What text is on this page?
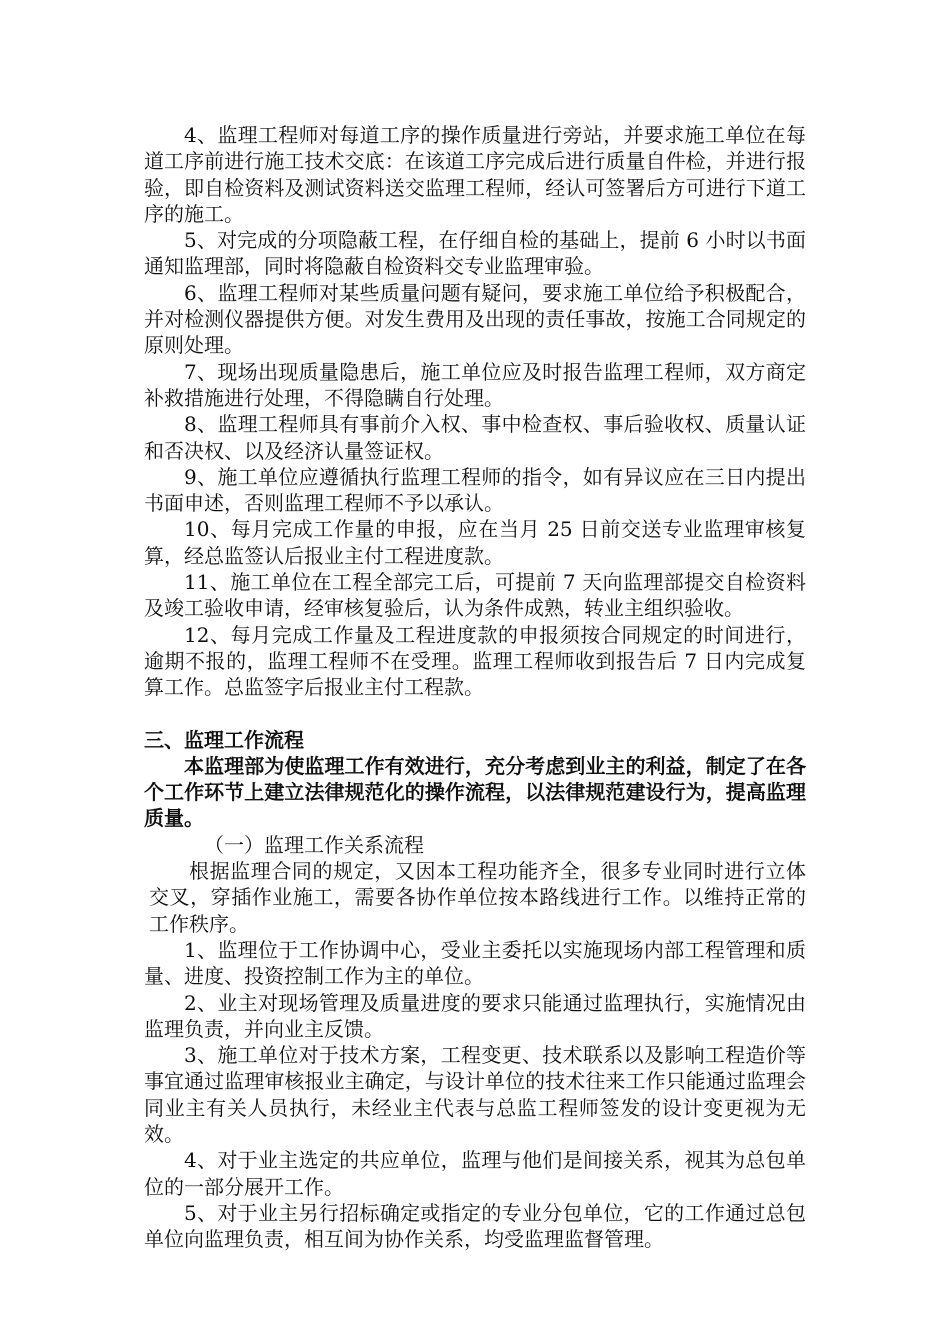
4、监理工程师对每道工序的操作质量进行旁站，并要求施工单位在每道工序前进行施工技术交底：在该道工序完成后进行质量自件检，并进行报验，即自检资料及测试资料送交监理工程师，经认可签署后方可进行下道工序的施工。

5、对完成的分项隐蔽工程，在仔细自检的基础上，提前 6 小时以书面通知监理部，同时将隐蔽自检资料交专业监理审验。

6、监理工程师对某些质量问题有疑问，要求施工单位给予积极配合，并对检测仪器提供方便。对发生费用及出现的责任事故，按施工合同规定的原则处理。

7、现场出现质量隐患后，施工单位应及时报告监理工程师，双方商定补救措施进行处理，不得隐瞒自行处理。

8、监理工程师具有事前介入权、事中检查权、事后验收权、质量认证和否决权、以及经济认量签证权。

9、施工单位应遵循执行监理工程师的指令，如有异议应在三日内提出书面申述，否则监理工程师不予以承认。

10、每月完成工作量的申报，应在当月 25 日前交送专业监理审核复算，经总监签认后报业主付工程进度款。

11、施工单位在工程全部完工后，可提前 7 天向监理部提交自检资料及竣工验收申请，经审核复验后，认为条件成熟，转业主组织验收。

12、每月完成工作量及工程进度款的申报须按合同规定的时间进行，逾期不报的，监理工程师不在受理。监理工程师收到报告后 7 日内完成复算工作。总监签字后报业主付工程款。

三、监理工作流程

本监理部为使监理工作有效进行，充分考虑到业主的利益，制定了在各个工作环节上建立法律规范化的操作流程，以法律规范建设行为，提高监理质量。

（一）监理工作关系流程

根据监理合同的规定，又因本工程功能齐全，很多专业同时进行立体交叉，穿插作业施工，需要各协作单位按本路线进行工作。以维持正常的工作秩序。

1、监理位于工作协调中心，受业主委托以实施现场内部工程管理和质量、进度、投资控制工作为主的单位。

2、业主对现场管理及质量进度的要求只能通过监理执行，实施情况由监理负责，并向业主反馈。

3、施工单位对于技术方案，工程变更、技术联系以及影响工程造价等事宜通过监理审核报业主确定，与设计单位的技术往来工作只能通过监理会同业主有关人员执行，未经业主代表与总监工程师签发的设计变更视为无效。

4、对于业主选定的共应单位，监理与他们是间接关系，视其为总包单位的一部分展开工作。

5、对于业主另行招标确定或指定的专业分包单位，它的工作通过总包单位向监理负责，相互间为协作关系，均受监理监督管理。
